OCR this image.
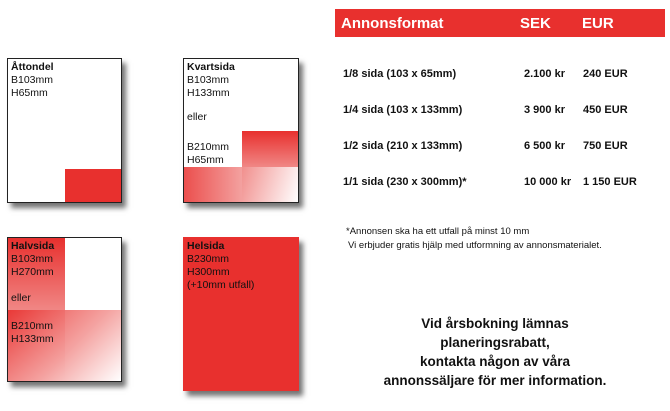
Åttondel
B103mm
H65mm
Kvartsida
B103mm
H133mm
eller
B210mm
H65mm
Halvsida
B103mm
H270mm
eller
B210mm
H133mm
Helsida
B230mm
H300mm
(+10mm utfall)
Annonsformat	SEK EUR
1/8 sida (103 x 65mm)	2.100 kr 240 EUR
1/4 sida (103 x 133mm)	3 900 kr 450 EUR
1/2 sida (210 x 133mm)	6 500 kr 750 EUR
1/1 sida (230 x 300mm)*	10 000 kr 1 150 EUR
*Annonsen ska ha ett utfall på minst 10 mm
Vi erbjuder gratis hjälp med utformning av annonsmaterialet.
Vid årsbokning lämnas
planeringsrabatt,
kontakta någon av våra
annonssäljare för mer information.
